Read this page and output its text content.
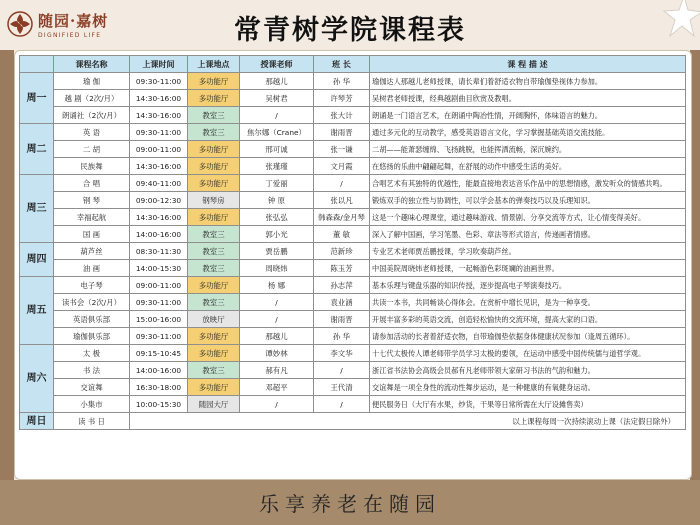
随园·嘉树
DIGNIFIED LIFE	常青树学院课程表
	课程名称	上课时间	上课地点	授课老师	班 长	课 程 描 述
周一	瑜 伽	09:30-11:00	多功能厅	那越儿	孙 华	瑜伽达人那越儿老师授课，请长辈们着舒适衣物自带瑜伽垫视体力参加。
	越 剧（2次/月）	14:30-16:00	多功能厅	吴树君	许琴芳	吴树君老师授课，经典越剧曲目欣赏及教唱。
	朗诵社（2次/月）	14:30-16:00	教室三	/	张大计	朗诵是一门语言艺术，在朗诵中陶冶性情，开阔胸怀，体味语言的魅力。
周二	英 语	09:30-11:00	教室三	焦尔娜（Crane）	谢雨晋	通过多元化的互动教学，感受英语语言文化，学习掌握基础英语交流技能。
	二 胡	09:00-11:00	多功能厅	邢可诚	张一谦	二胡——能萧瑟缠绵、飞扬跳脱，也能挥洒流畅，深沉婉约。
	民族舞	14:30-16:00	多功能厅	张瑾瑾	文月霞	在悠扬的乐曲中翩翩起舞，在舒展的动作中感受生活的美好。
周三	合 唱	09:40-11:00	多功能厅	丁爱丽	/	合唱艺术有其独特的优越性，能最直接地表达音乐作品中的思想情感，激发听众的情感共鸣。
	钢 琴	09:00-12:30	钢琴房	钟 原	张以凡	锻炼双手的独立性与协调性，可以学会基本的弹奏技巧以及乐理知识。
	幸福起航	14:30-16:00	多功能厅	张弘弘	韩森森/金月琴	这是一个趣味心理课堂，通过趣味游戏、情景剧、分享交流等方式，让心情变得美好。
	国 画	14:00-16:00	教室三	郭小光	董 敏	深入了解中国画，学习笔墨、色彩、章法等形式语言，传递画者情感。
周四	葫芦丝	08:30-11:30	教室三	贾岳鹏	范新珍	专业艺术老师贾岳鹏授课，学习吹奏葫芦丝。
	油 画	14:00-15:30	教室三	周晓炜	陈玉芳	中国美院周晓炜老师授课，一起畅游色彩斑斓的油画世界。
周五	电子琴	09:00-11:00	多功能厅	杨 娜	孙志萍	基本乐理与键盘乐器的知识传授，逐步提高电子琴演奏技巧。
	读书会（2次/月）	09:30-11:00	教室三	/	袁业涵	共读一本书，共同畅谈心得体会。在赏析中增长见识，是为一种享受。
	英语俱乐部	15:00-16:00	放映厅	/	谢雨晋	开展丰富多彩的英语交流，创造轻松愉快的交流环境，提高大家的口语。
	瑜伽俱乐部	09:30-11:00	多功能厅	那越儿	孙 华	请参加活动的长者着舒适衣物，自带瑜伽垫依据身体健康状况参加（逢周五循环）。
周六	太 极	09:15-10:45	多功能厅	谭妙林	李文华	十七代太极传人谭老师带学员学习太极的要领，在运动中感受中国传统儒与道哲学观。
	书 法	14:00-16:00	教室三	郝有凡	/	浙江省书法协会高级会员郝有凡老师带领大家研习书法的气韵和魅力。
	交谊舞	16:30-18:00	多功能厅	邓超平	王代清	交谊舞是一项全身性的流动性舞步运动，是一种健康的有氧健身运动。
	小集市	10:00-15:30	随园大厅	/	/	便民服务日（大厅有水果，炒货，干果等日常所需在大厅设摊售卖）
周日	读 书 日	以上课程每周一次持续滚动上课（法定假日除外）				
乐享养老在随园
